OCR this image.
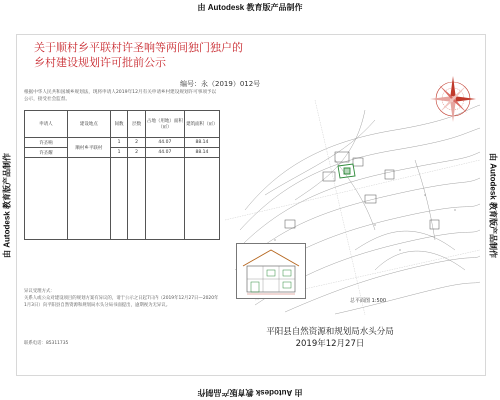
由 Autodesk 教育版产品制作
由 Autodesk 教育版产品制作
由 Autodesk 教育版产品制作	由 Autodesk 教育版产品制作
关于顺村乡平联村许圣响等两间独门独户的
乡村建设规划许可批前公示
编号：永（2019）012号
根据中华人民共和国城乡规划法，现将申请人2019年12月有关申请乡村建设规划许可事项予以公示，接受社会监督。
申请人	建设地点	间数	层数	占地（用地）面积（㎡）	建筑面积（㎡）
许圣响	顺村乡平联村	1	2	44.07	88.14
许圣耀		1	2	44.07	88.14

异议受理方式：
关系人或公众对建设项目的规划方案有异议的，请于公示之日起7日内（2019年12月27日—2020年1月3日）向平阳县自然资源和规划局水头分局书面提出，逾期视为无异议。
联系电话：85311735
总平面图 1:500
平阳县自然资源和规划局水头分局
2019年12月27日
